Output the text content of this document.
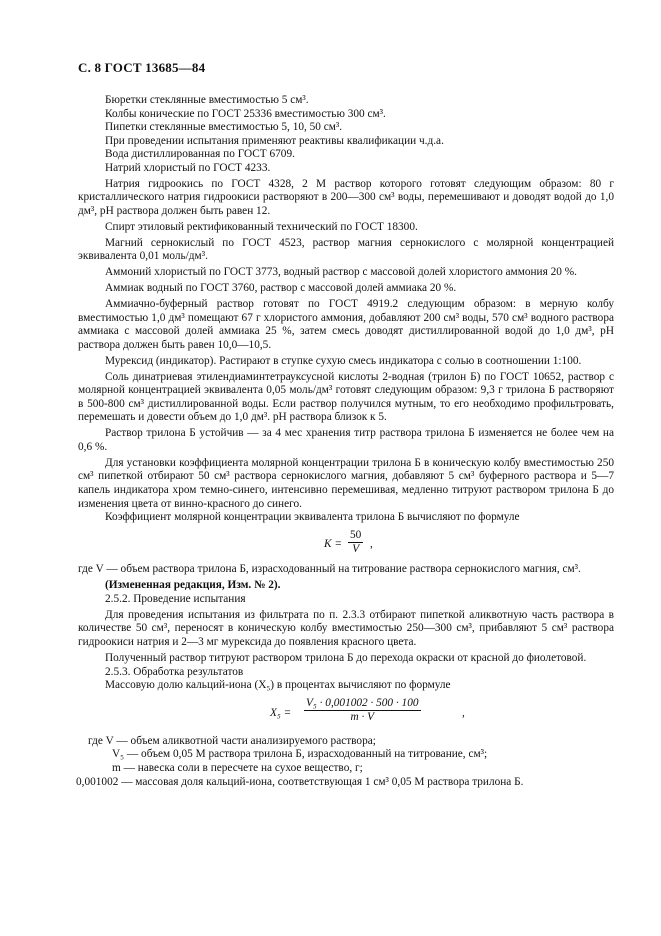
С. 8 ГОСТ 13685—84

Бюретки стеклянные вместимостью 5 см³.

Колбы конические по ГОСТ 25336 вместимостью 300 см³.

Пипетки стеклянные вместимостью 5, 10, 50 см³.

При проведении испытания применяют реактивы квалификации ч.д.а.

Вода дистиллированная по ГОСТ 6709.

Натрий хлористый по ГОСТ 4233.

Натрия гидроокись по ГОСТ 4328, 2 М раствор которого готовят следующим образом: 80 г кристаллического натрия гидроокиси растворяют в 200—300 см³ воды, перемешивают и доводят водой до 1,0 дм³, рН раствора должен быть равен 12.

Спирт этиловый ректификованный технический по ГОСТ 18300.

Магний сернокислый по ГОСТ 4523, раствор магния сернокислого с молярной концентрацией эквивалента 0,01 моль/дм³.

Аммоний хлористый по ГОСТ 3773, водный раствор с массовой долей хлористого аммония 20 %.

Аммиак водный по ГОСТ 3760, раствор с массовой долей аммиака 20 %.

Аммиачно-буферный раствор готовят по ГОСТ 4919.2 следующим образом: в мерную колбу вместимостью 1,0 дм³ помещают 67 г хлористого аммония, добавляют 200 см³ воды, 570 см³ водного раствора аммиака с массовой долей аммиака 25 %, затем смесь доводят дистиллированной водой до 1,0 дм³, рН раствора должен быть равен 10,0—10,5.

Мурексид (индикатор). Растирают в ступке сухую смесь индикатора с солью в соотношении 1:100.

Соль динатриевая этилендиаминтетрауксусной кислоты 2-водная (трилон Б) по ГОСТ 10652, раствор с молярной концентрацией эквивалента 0,05 моль/дм³ готовят следующим образом: 9,3 г трилона Б растворяют в 500-800 см³ дистиллированной воды. Если раствор получился мутным, то его необходимо профильтровать, перемешать и довести объем до 1,0 дм³. рН раствора близок к 5.

Раствор трилона Б устойчив — за 4 мес хранения титр раствора трилона Б изменяется не более чем на 0,6 %.

Для установки коэффициента молярной концентрации трилона Б в коническую колбу вместимостью 250 см³ пипеткой отбирают 50 см³ раствора сернокислого магния, добавляют 5 см³ буферного раствора и 5—7 капель индикатора хром темно-синего, интенсивно перемешивая, медленно титруют раствором трилона Б до изменения цвета от винно-красного до синего.

Коэффициент молярной концентрации эквивалента трилона Б вычисляют по формуле

$K = \frac{50}{V}$ ,

где V — объем раствора трилона Б, израсходованный на титрование раствора сернокислого магния, см³.

(Измененная редакция, Изм. № 2).

2.5.2. Проведение испытания

Для проведения испытания из фильтрата по п. 2.3.3 отбирают пипеткой аликвотную часть раствора в количестве 50 см³, переносят в коническую колбу вместимостью 250—300 см³, прибавляют 5 см³ раствора гидроокиси натрия и 2—3 мг мурексида до появления красного цвета.

Полученный раствор титруют раствором трилона Б до перехода окраски от красной до фиолетовой.

2.5.3. Обработка результатов

Массовую долю кальций-иона (X₅) в процентах вычисляют по формуле

$X_5 = \frac{\text{V₅ · 0,001002 · 500 · 100}}{m \cdot V}$	,

где V — объем аликвотной части анализируемого раствора;

V₅ — объем 0,05 М раствора трилона Б, израсходованный на титрование, см³;

m — навеска соли в пересчете на сухое вещество, г;

0,001002 — массовая доля кальций-иона, соответствующая 1 см³ 0,05 М раствора трилона Б.
